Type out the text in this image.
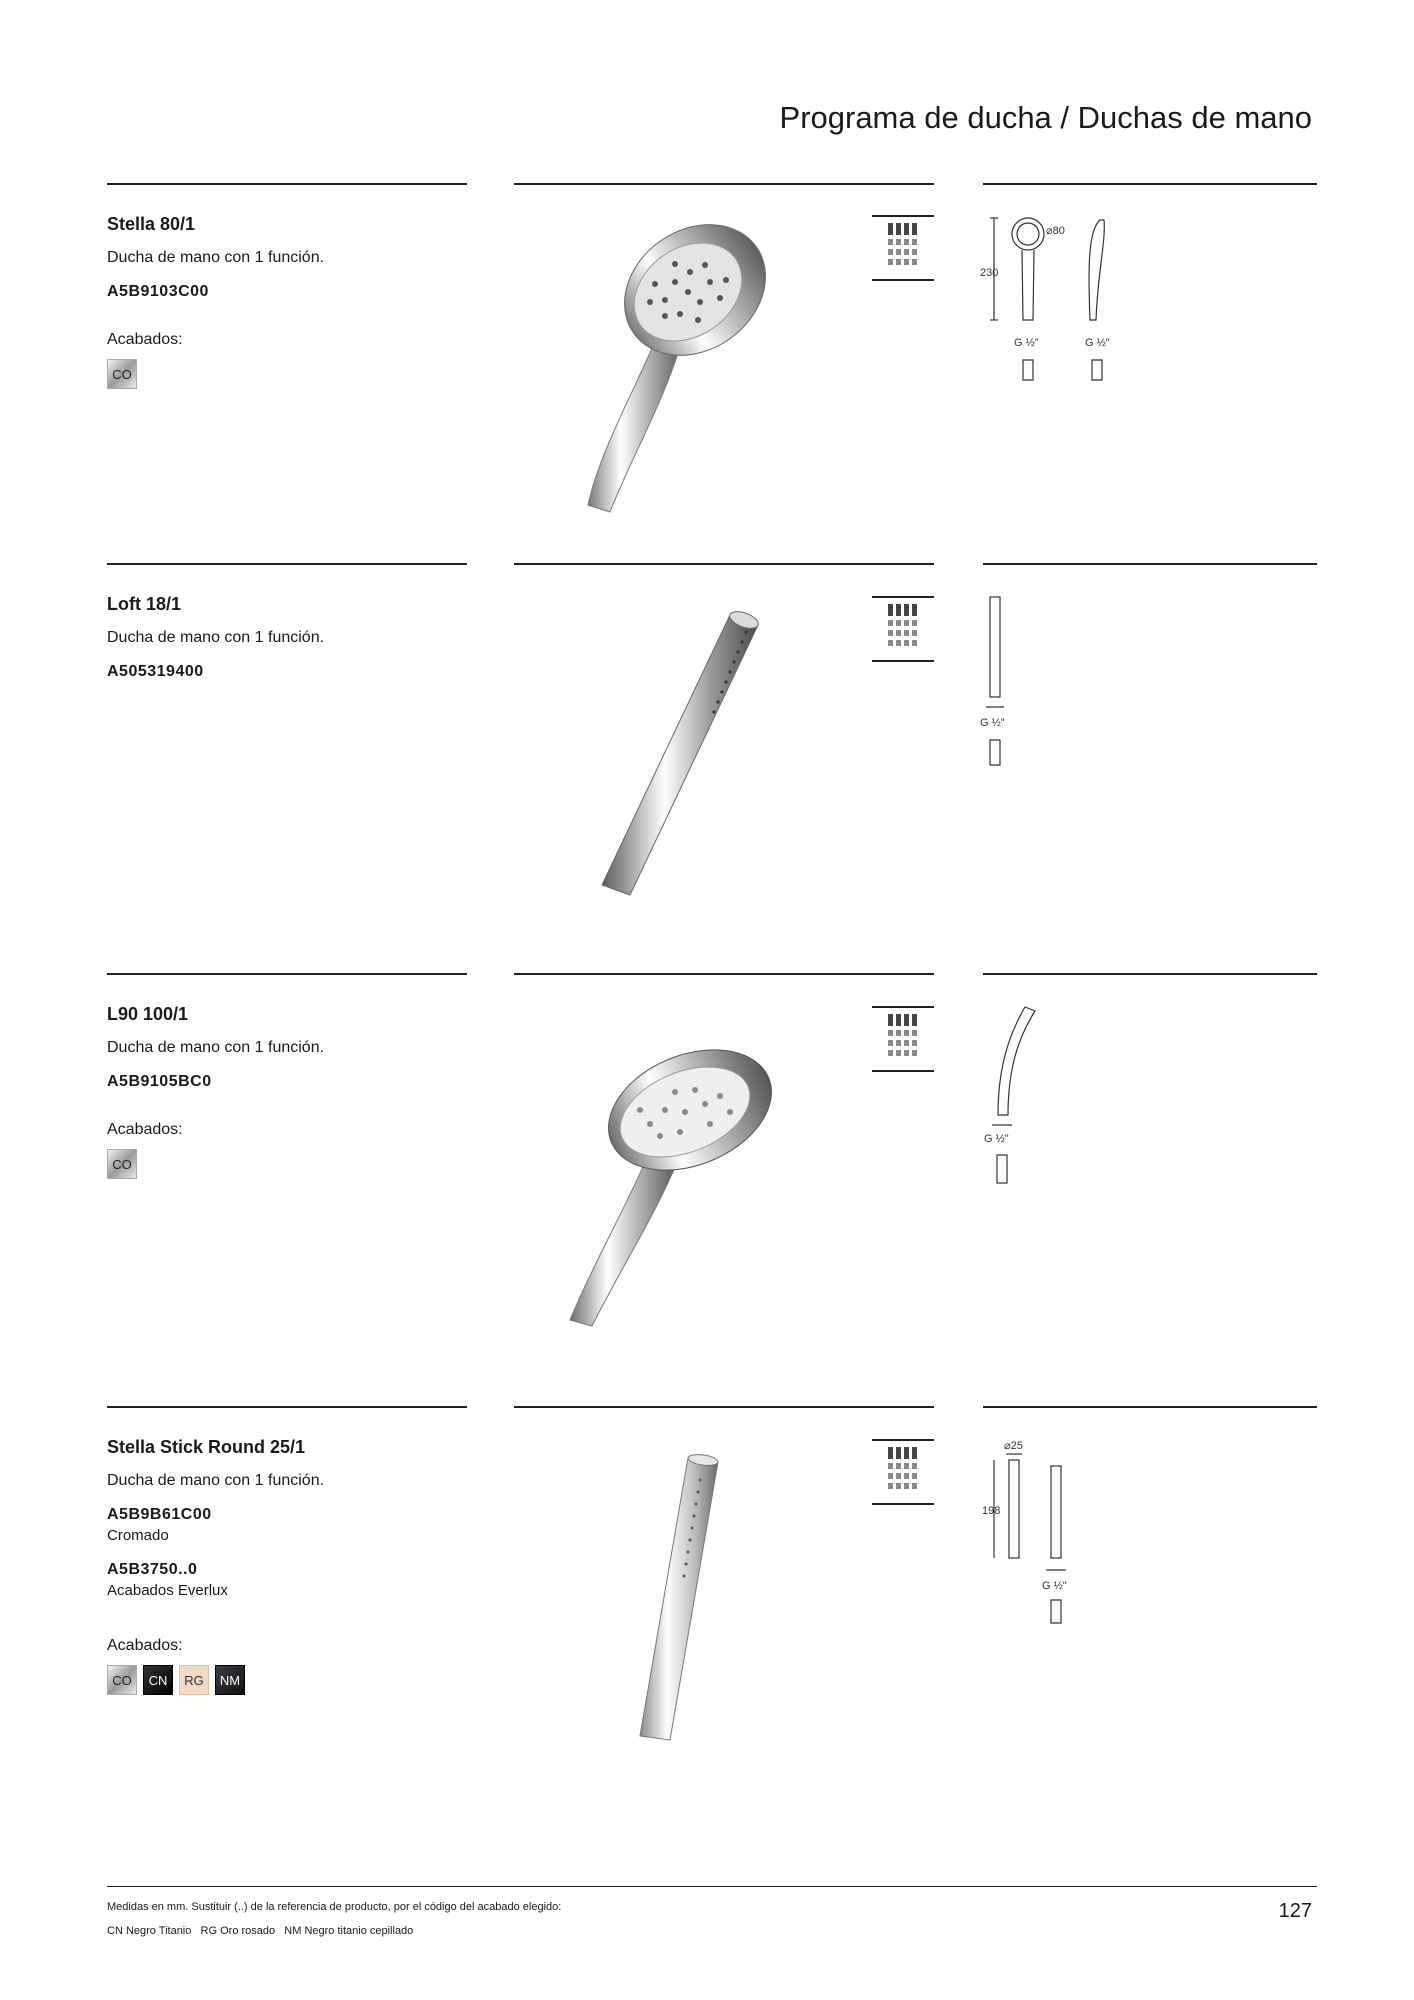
Programa de ducha / Duchas de mano
Stella 80/1
Ducha de mano con 1 función.
A5B9103C00
Acabados:
CO
⌀80
230
G ½"	G ½"
Loft 18/1
Ducha de mano con 1 función.
A505319400
G ½"
L90 100/1
Ducha de mano con 1 función.
A5B9105BC0
Acabados:
CO
G ½"
Stella Stick Round 25/1
Ducha de mano con 1 función.
A5B9B61C00
Cromado
A5B3750..0
Acabados Everlux
Acabados:
CO	CN	RG	NM
⌀25
198
G ½"
Medidas en mm. Sustituir (..) de la referencia de producto, por el código del acabado elegido:
CN Negro Titanio   RG Oro rosado   NM Negro titanio cepillado
127
